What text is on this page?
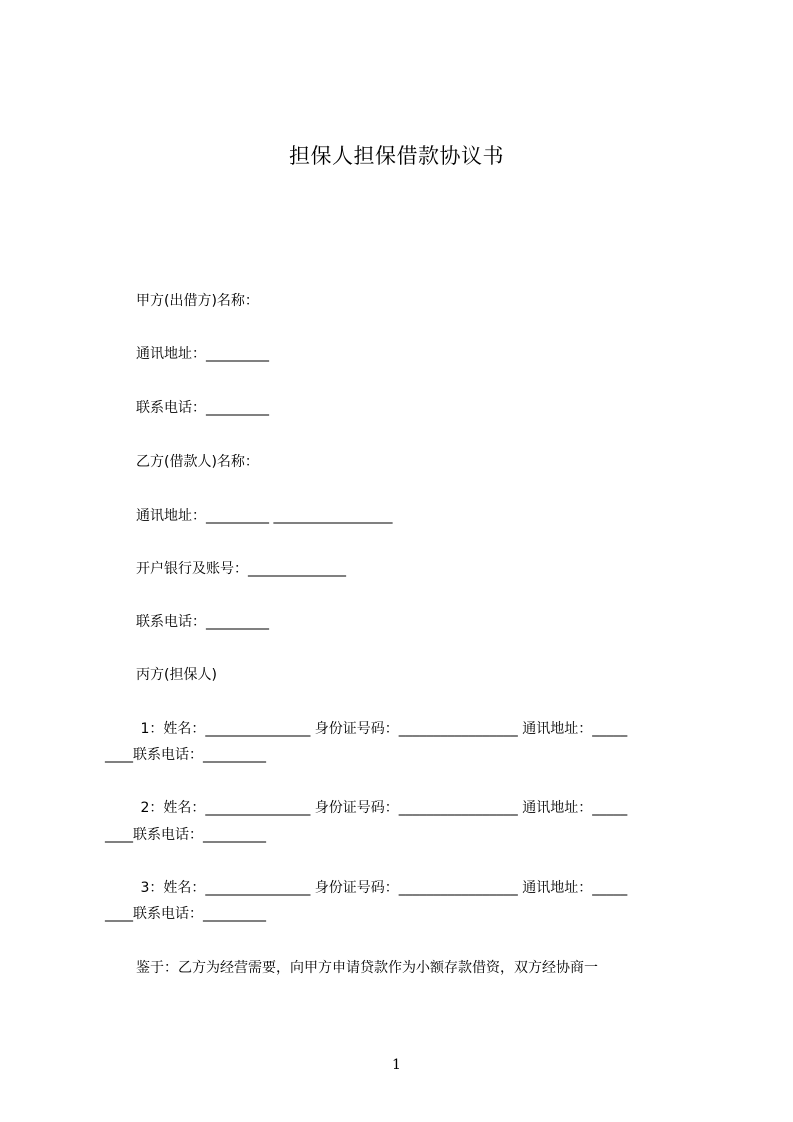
担保人担保借款协议书
甲方(出借方)名称：
通讯地址：_________
联系电话：_________
乙方(借款人)名称：
通讯地址：_________ _________________
开户银行及账号：______________
联系电话：_________
丙方(担保人)
1：姓名：_______________ 身份证号码：_________________ 通讯地址：_____
____联系电话：_________
2：姓名：_______________ 身份证号码：_________________ 通讯地址：_____
____联系电话：_________
3：姓名：_______________ 身份证号码：_________________ 通讯地址：_____
____联系电话：_________
鉴于：乙方为经营需要，向甲方申请贷款作为小额存款借资，双方经协商一
1
